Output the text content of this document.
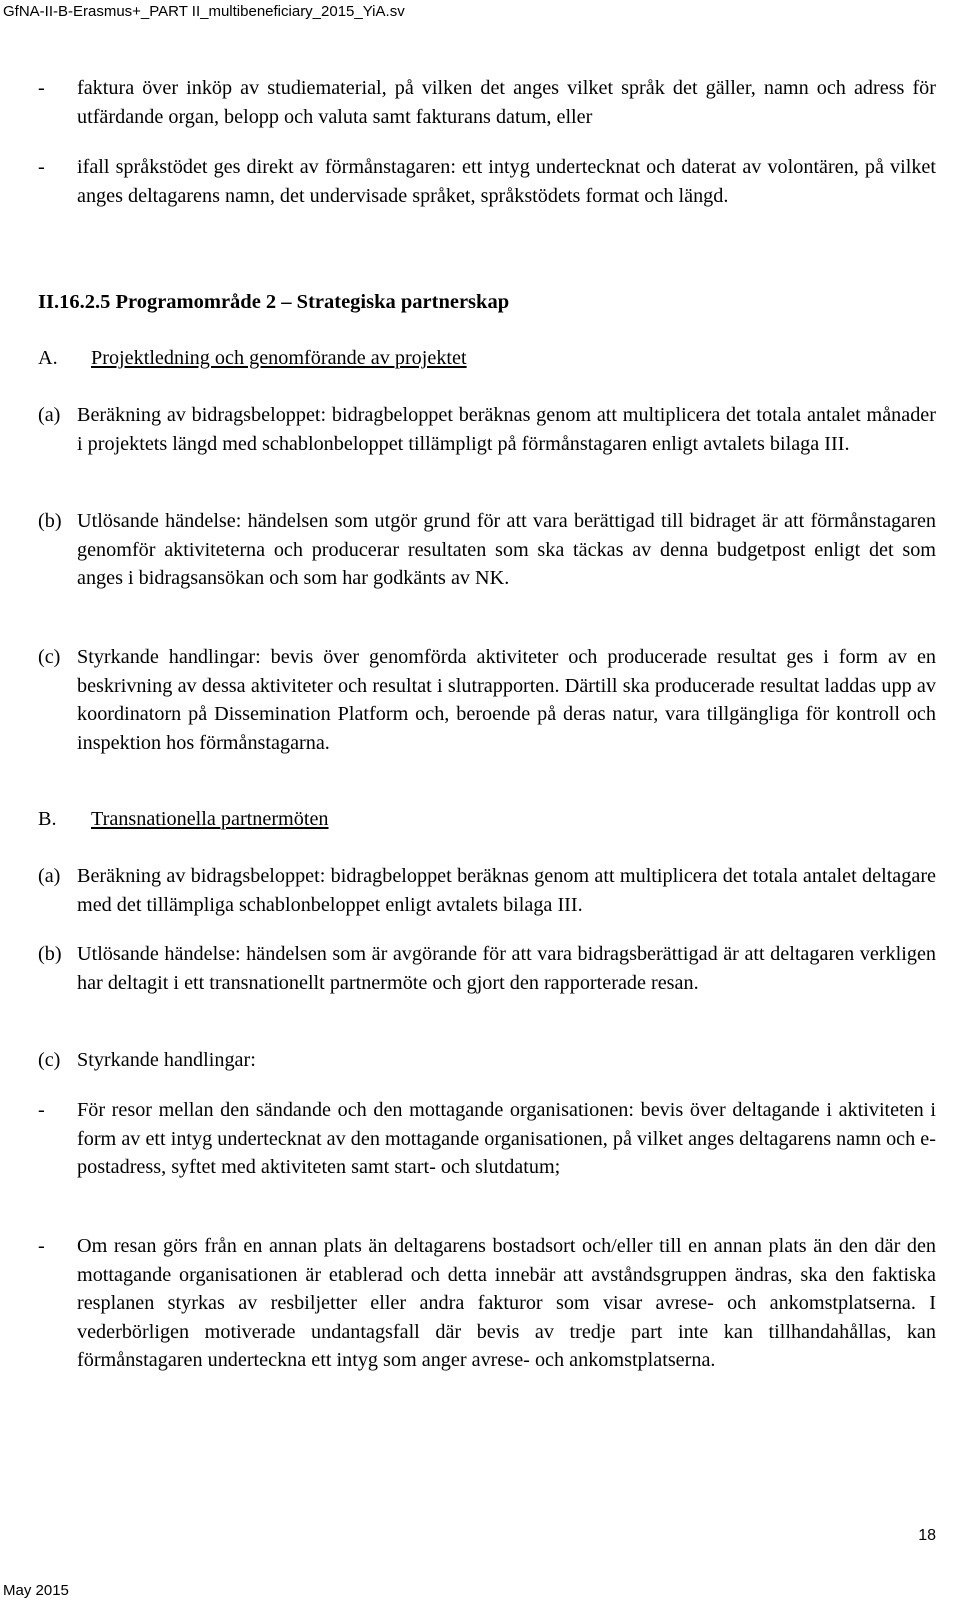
GfNA-II-B-Erasmus+_PART II_multibeneficiary_2015_YiA.sv
- faktura över inköp av studiematerial, på vilken det anges vilket språk det gäller, namn och adress för utfärdande organ, belopp och valuta samt fakturans datum, eller
- ifall språkstödet ges direkt av förmånstagaren: ett intyg undertecknat och daterat av volontären, på vilket anges deltagarens namn, det undervisade språket, språkstödets format och längd.
II.16.2.5 Programområde 2 – Strategiska partnerskap
A. Projektledning och genomförande av projektet
(a) Beräkning av bidragsbeloppet: bidragbeloppet beräknas genom att multiplicera det totala antalet månader i projektets längd med schablonbeloppet tillämpligt på förmånstagaren enligt avtalets bilaga III.
(b) Utlösande händelse: händelsen som utgör grund för att vara berättigad till bidraget är att förmånstagaren genomför aktiviteterna och producerar resultaten som ska täckas av denna budgetpost enligt det som anges i bidragsansökan och som har godkänts av NK.
(c) Styrkande handlingar: bevis över genomförda aktiviteter och producerade resultat ges i form av en beskrivning av dessa aktiviteter och resultat i slutrapporten. Därtill ska producerade resultat laddas upp av koordinatorn på Dissemination Platform och, beroende på deras natur, vara tillgängliga för kontroll och inspektion hos förmånstagarna.
B. Transnationella partnermöten
(a) Beräkning av bidragsbeloppet: bidragbeloppet beräknas genom att multiplicera det totala antalet deltagare med det tillämpliga schablonbeloppet enligt avtalets bilaga III.
(b) Utlösande händelse: händelsen som är avgörande för att vara bidragsberättigad är att deltagaren verkligen har deltagit i ett transnationellt partnermöte och gjort den rapporterade resan.
(c) Styrkande handlingar:
- För resor mellan den sändande och den mottagande organisationen: bevis över deltagande i aktiviteten i form av ett intyg undertecknat av den mottagande organisationen, på vilket anges deltagarens namn och e-postadress, syftet med aktiviteten samt start- och slutdatum;
- Om resan görs från en annan plats än deltagarens bostadsort och/eller till en annan plats än den där den mottagande organisationen är etablerad och detta innebär att avståndsgruppen ändras, ska den faktiska resplanen styrkas av resbiljetter eller andra fakturor som visar avrese- och ankomstplatserna. I vederbörligen motiverade undantagsfall där bevis av tredje part inte kan tillhandahållas, kan förmånstagaren underteckna ett intyg som anger avrese- och ankomstplatserna.
18
May 2015
